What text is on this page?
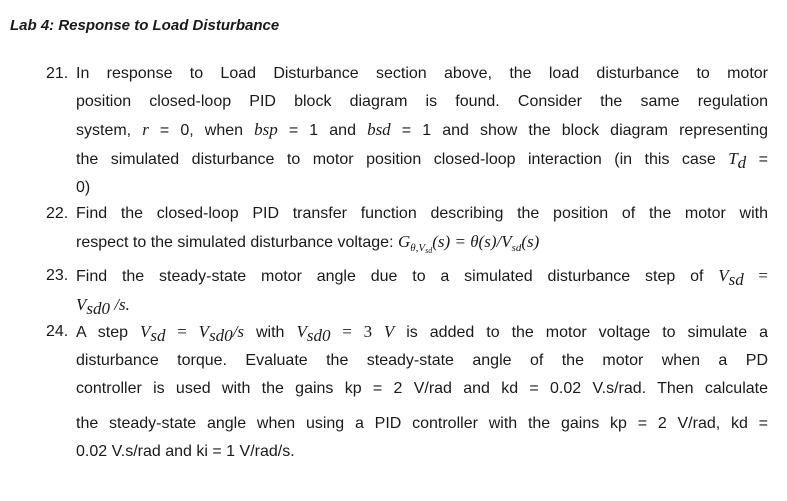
Lab 4: Response to Load Disturbance
21. In response to Load Disturbance section above, the load disturbance to motor
position closed-loop PID block diagram is found. Consider the same regulation
system, r = 0, when bsp = 1 and bsd = 1 and show the block diagram representing
the simulated disturbance to motor position closed-loop interaction (in this case $T_d$ =
0)
22. Find the closed-loop PID transfer function describing the position of the motor with
respect to the simulated disturbance voltage: $G_{\theta,V_{sd}}(s) = \theta(s)/V_{sd}(s)$
23. Find the steady-state motor angle due to a simulated disturbance step of $V_{sd}$ =
$V_{sd0}$ /s.
24. A step $V_{sd} = V_{sd0}/s$ with $V_{sd0} = 3$ V is added to the motor voltage to simulate a
disturbance torque. Evaluate the steady-state angle of the motor when a PD
controller is used with the gains kp = 2 V/rad and kd = 0.02 V.s/rad. Then calculate
the steady-state angle when using a PID controller with the gains kp = 2 V/rad, kd =
0.02 V.s/rad and ki = 1 V/rad/s.
